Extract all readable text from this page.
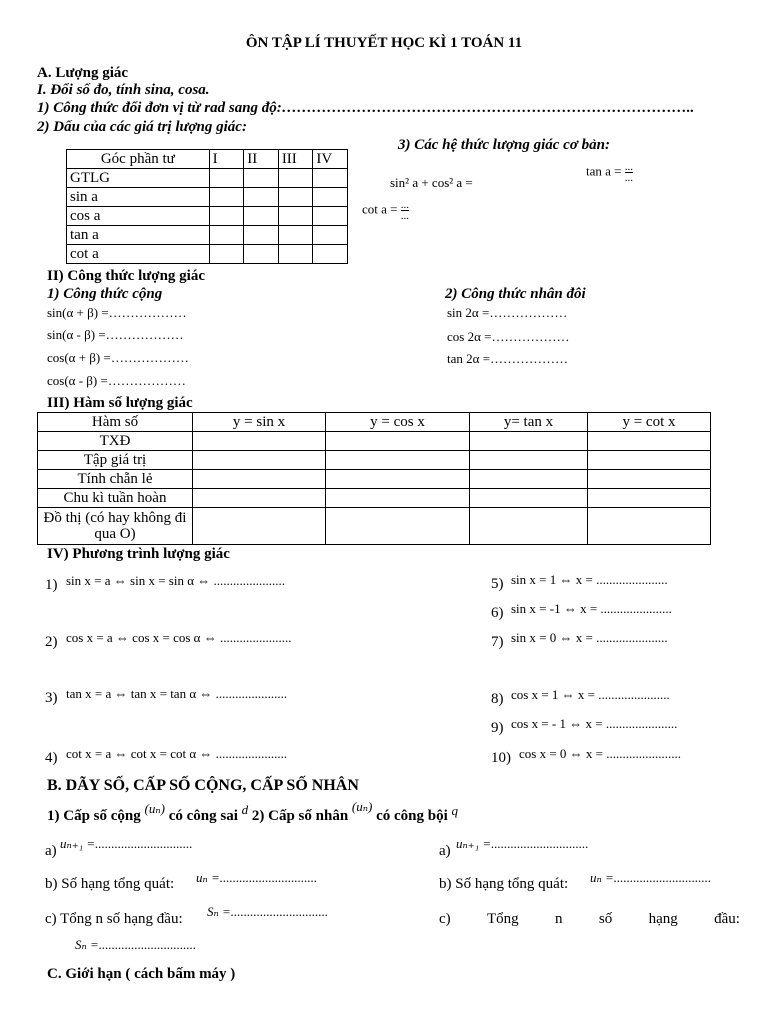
ÔN TẬP LÍ THUYẾT HỌC KÌ 1 TOÁN 11
A. Lượng giác
I. Đổi số đo, tính sina, cosa.
1) Công thức đổi đơn vị từ rad sang độ:………………………………………………………………………..
2) Dấu của các giá trị lượng giác:
3) Các hệ thức lượng giác cơ bản:
Góc phần tư	I	II	III	IV
GTLG				
sin a				
cos a				
tan a				
cot a				
sin² a + cos² a =
$\tan a = \frac{...}{...}$
$\cot a = \frac{...}{...}$
II) Công thức lượng giác
1) Công thức cộng	2) Công thức nhân đôi
sin(α + β) =………………
sin(α - β) =………………
cos(α + β) =………………
cos(α - β) =………………
sin 2α =………………
cos 2α =………………
tan 2α =………………
III) Hàm số lượng giác
Hàm số	y = sin x	y = cos x	y= tan x	y = cot x
TXĐ				
Tập giá trị				
Tính chẵn lẻ				
Chu kì tuần hoàn				
Đồ thị (có hay không đi qua O)				
IV) Phương trình lượng giác
1) sin x = a ⇔ sin x = sin α ⇔ ......................
2) cos x = a ⇔ cos x = cos α ⇔ ......................
3) tan x = a ⇔ tan x = tan α ⇔ ......................
4) cot x = a ⇔ cot x = cot α ⇔ ......................
5) sin x = 1 ⇔ x = ......................
6) sin x = -1 ⇔ x = ......................
7) sin x = 0 ⇔ x = ......................
8) cos x = 1 ⇔ x = ......................
9) cos x = - 1 ⇔ x = ......................
10) cos x = 0 ⇔ x = .......................
B. DÃY SỐ, CẤP SỐ CỘNG, CẤP SỐ NHÂN
1) Cấp số cộng (uₙ) có công sai d 2) Cấp số nhân (uₙ) có công bội q
a) uₙ₊₁ =..............................
b) Số hạng tổng quát: uₙ =..............................
c) Tổng n số hạng đầu: Sₙ =..............................
Sₙ =..............................
a) uₙ₊₁ =..............................
b) Số hạng tổng quát: uₙ =..............................
c) Tổng n số hạng đầu:
C. Giới hạn ( cách bấm máy )
